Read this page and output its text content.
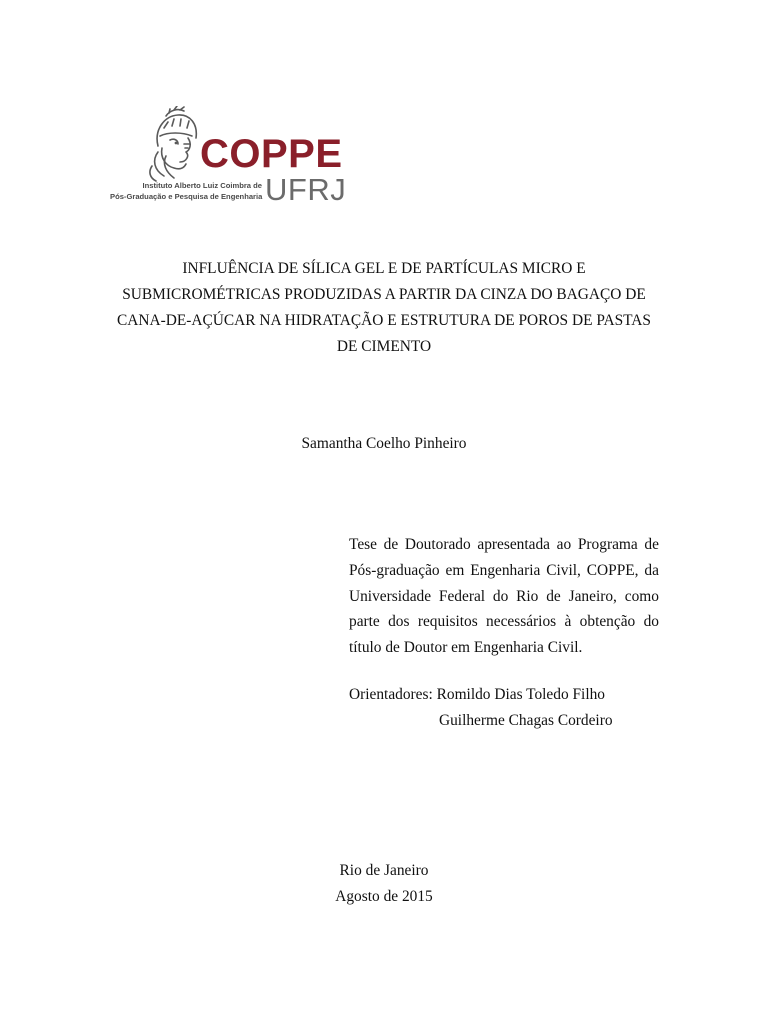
COPPE
UFRJ
Instituto Alberto Luiz Coimbra de
Pós-Graduação e Pesquisa de Engenharia
INFLUÊNCIA DE SÍLICA GEL E DE PARTÍCULAS MICRO E
SUBMICROMÉTRICAS PRODUZIDAS A PARTIR DA CINZA DO BAGAÇO DE
CANA-DE-AÇÚCAR NA HIDRATAÇÃO E ESTRUTURA DE POROS DE PASTAS
DE CIMENTO
Samantha Coelho Pinheiro
Tese de Doutorado apresentada ao Programa de
Pós-graduação em Engenharia Civil, COPPE, da
Universidade Federal do Rio de Janeiro, como
parte dos requisitos necessários à obtenção do
título de Doutor em Engenharia Civil.
Orientadores: Romildo Dias Toledo Filho
Guilherme Chagas Cordeiro
Rio de Janeiro
Agosto de 2015
